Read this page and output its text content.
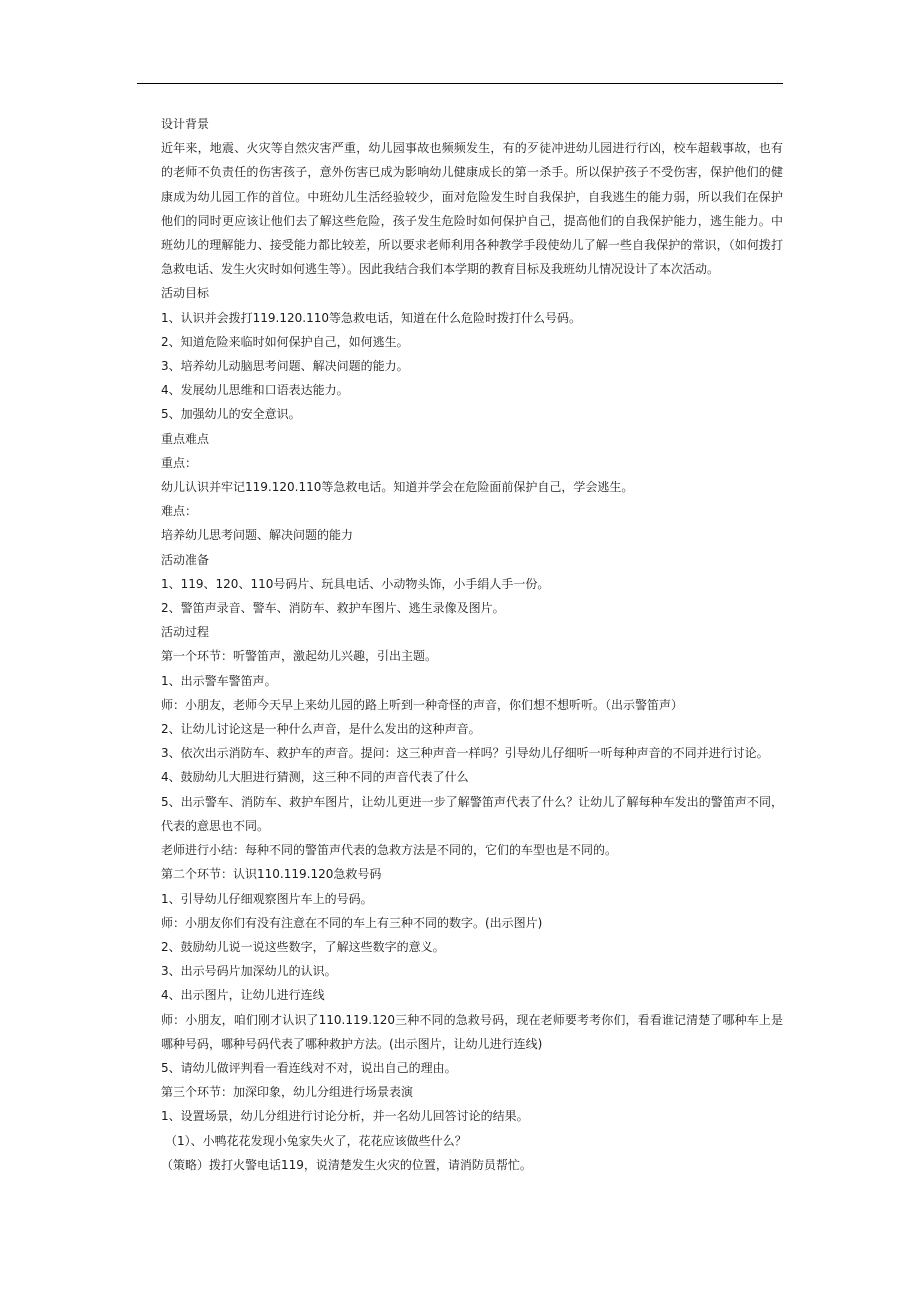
设计背景

近年来，地震、火灾等自然灾害严重，幼儿园事故也频频发生，有的歹徒冲进幼儿园进行行凶，校车超载事故，也有的老师不负责任的伤害孩子，意外伤害已成为影响幼儿健康成长的第一杀手。所以保护孩子不受伤害，保护他们的健康成为幼儿园工作的首位。中班幼儿生活经验较少，面对危险发生时自我保护，自我逃生的能力弱，所以我们在保护他们的同时更应该让他们去了解这些危险，孩子发生危险时如何保护自己，提高他们的自我保护能力，逃生能力。中班幼儿的理解能力、接受能力都比较差，所以要求老师利用各种教学手段使幼儿了解一些自我保护的常识，（如何拨打急救电话、发生火灾时如何逃生等）。因此我结合我们本学期的教育目标及我班幼儿情况设计了本次活动。

活动目标

1、认识并会拨打119.120.110等急救电话，知道在什么危险时拨打什么号码。

2、知道危险来临时如何保护自己，如何逃生。

3、培养幼儿动脑思考问题、解决问题的能力。

4、发展幼儿思维和口语表达能力。

5、加强幼儿的安全意识。

重点难点

重点：

幼儿认识并牢记119.120.110等急救电话。知道并学会在危险面前保护自己，学会逃生。

难点：

培养幼儿思考问题、解决问题的能力

活动准备

1、119、120、110号码片、玩具电话、小动物头饰，小手绢人手一份。

2、警笛声录音、警车、消防车、救护车图片、逃生录像及图片。

活动过程

第一个环节：听警笛声，激起幼儿兴趣，引出主题。

1、出示警车警笛声。

师：小朋友，老师今天早上来幼儿园的路上听到一种奇怪的声音，你们想不想听听。（出示警笛声）

2、让幼儿讨论这是一种什么声音，是什么发出的这种声音。

3、依次出示消防车、救护车的声音。提问：这三种声音一样吗？引导幼儿仔细听一听每种声音的不同并进行讨论。

4、鼓励幼儿大胆进行猜测，这三种不同的声音代表了什么

5、出示警车、消防车、救护车图片，让幼儿更进一步了解警笛声代表了什么？让幼儿了解每种车发出的警笛声不同，代表的意思也不同。

老师进行小结：每种不同的警笛声代表的急救方法是不同的，它们的车型也是不同的。

第二个环节：认识110.119.120急救号码

1、引导幼儿仔细观察图片车上的号码。

师：小朋友你们有没有注意在不同的车上有三种不同的数字。(出示图片)

2、鼓励幼儿说一说这些数字，了解这些数字的意义。

3、出示号码片加深幼儿的认识。

4、出示图片，让幼儿进行连线

师：小朋友，咱们刚才认识了110.119.120三种不同的急救号码，现在老师要考考你们，看看谁记清楚了哪种车上是哪种号码，哪种号码代表了哪种救护方法。(出示图片，让幼儿进行连线)

5、请幼儿做评判看一看连线对不对，说出自己的理由。

第三个环节：加深印象，幼儿分组进行场景表演

1、设置场景，幼儿分组进行讨论分析，并一名幼儿回答讨论的结果。

（1）、小鸭花花发现小兔家失火了，花花应该做些什么？

（策略）拨打火警电话119，说清楚发生火灾的位置，请消防员帮忙。
